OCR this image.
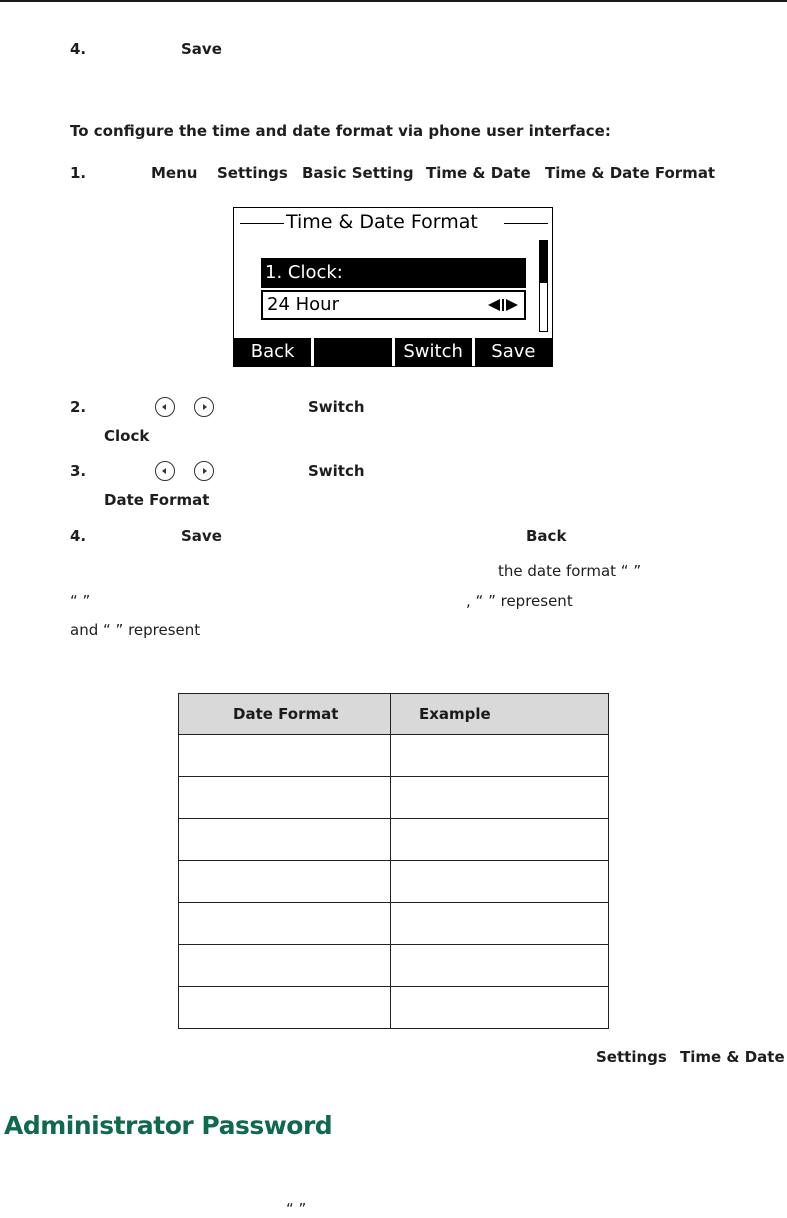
4.	Save
To configure the time and date format via phone user interface:
1.	Menu Settings Basic Setting Time & Date Time & Date Format
Time & Date Format
1. Clock:
24 Hour
Back	Switch	Save
2.	Switch
Clock
3.	Switch
Date Format
4.	Save	Back
the date format “ ”
“ ”	, “ ” represent
and “ ” represent
Date Format	Example

Settings Time & Date
Administrator Password
“ ”
